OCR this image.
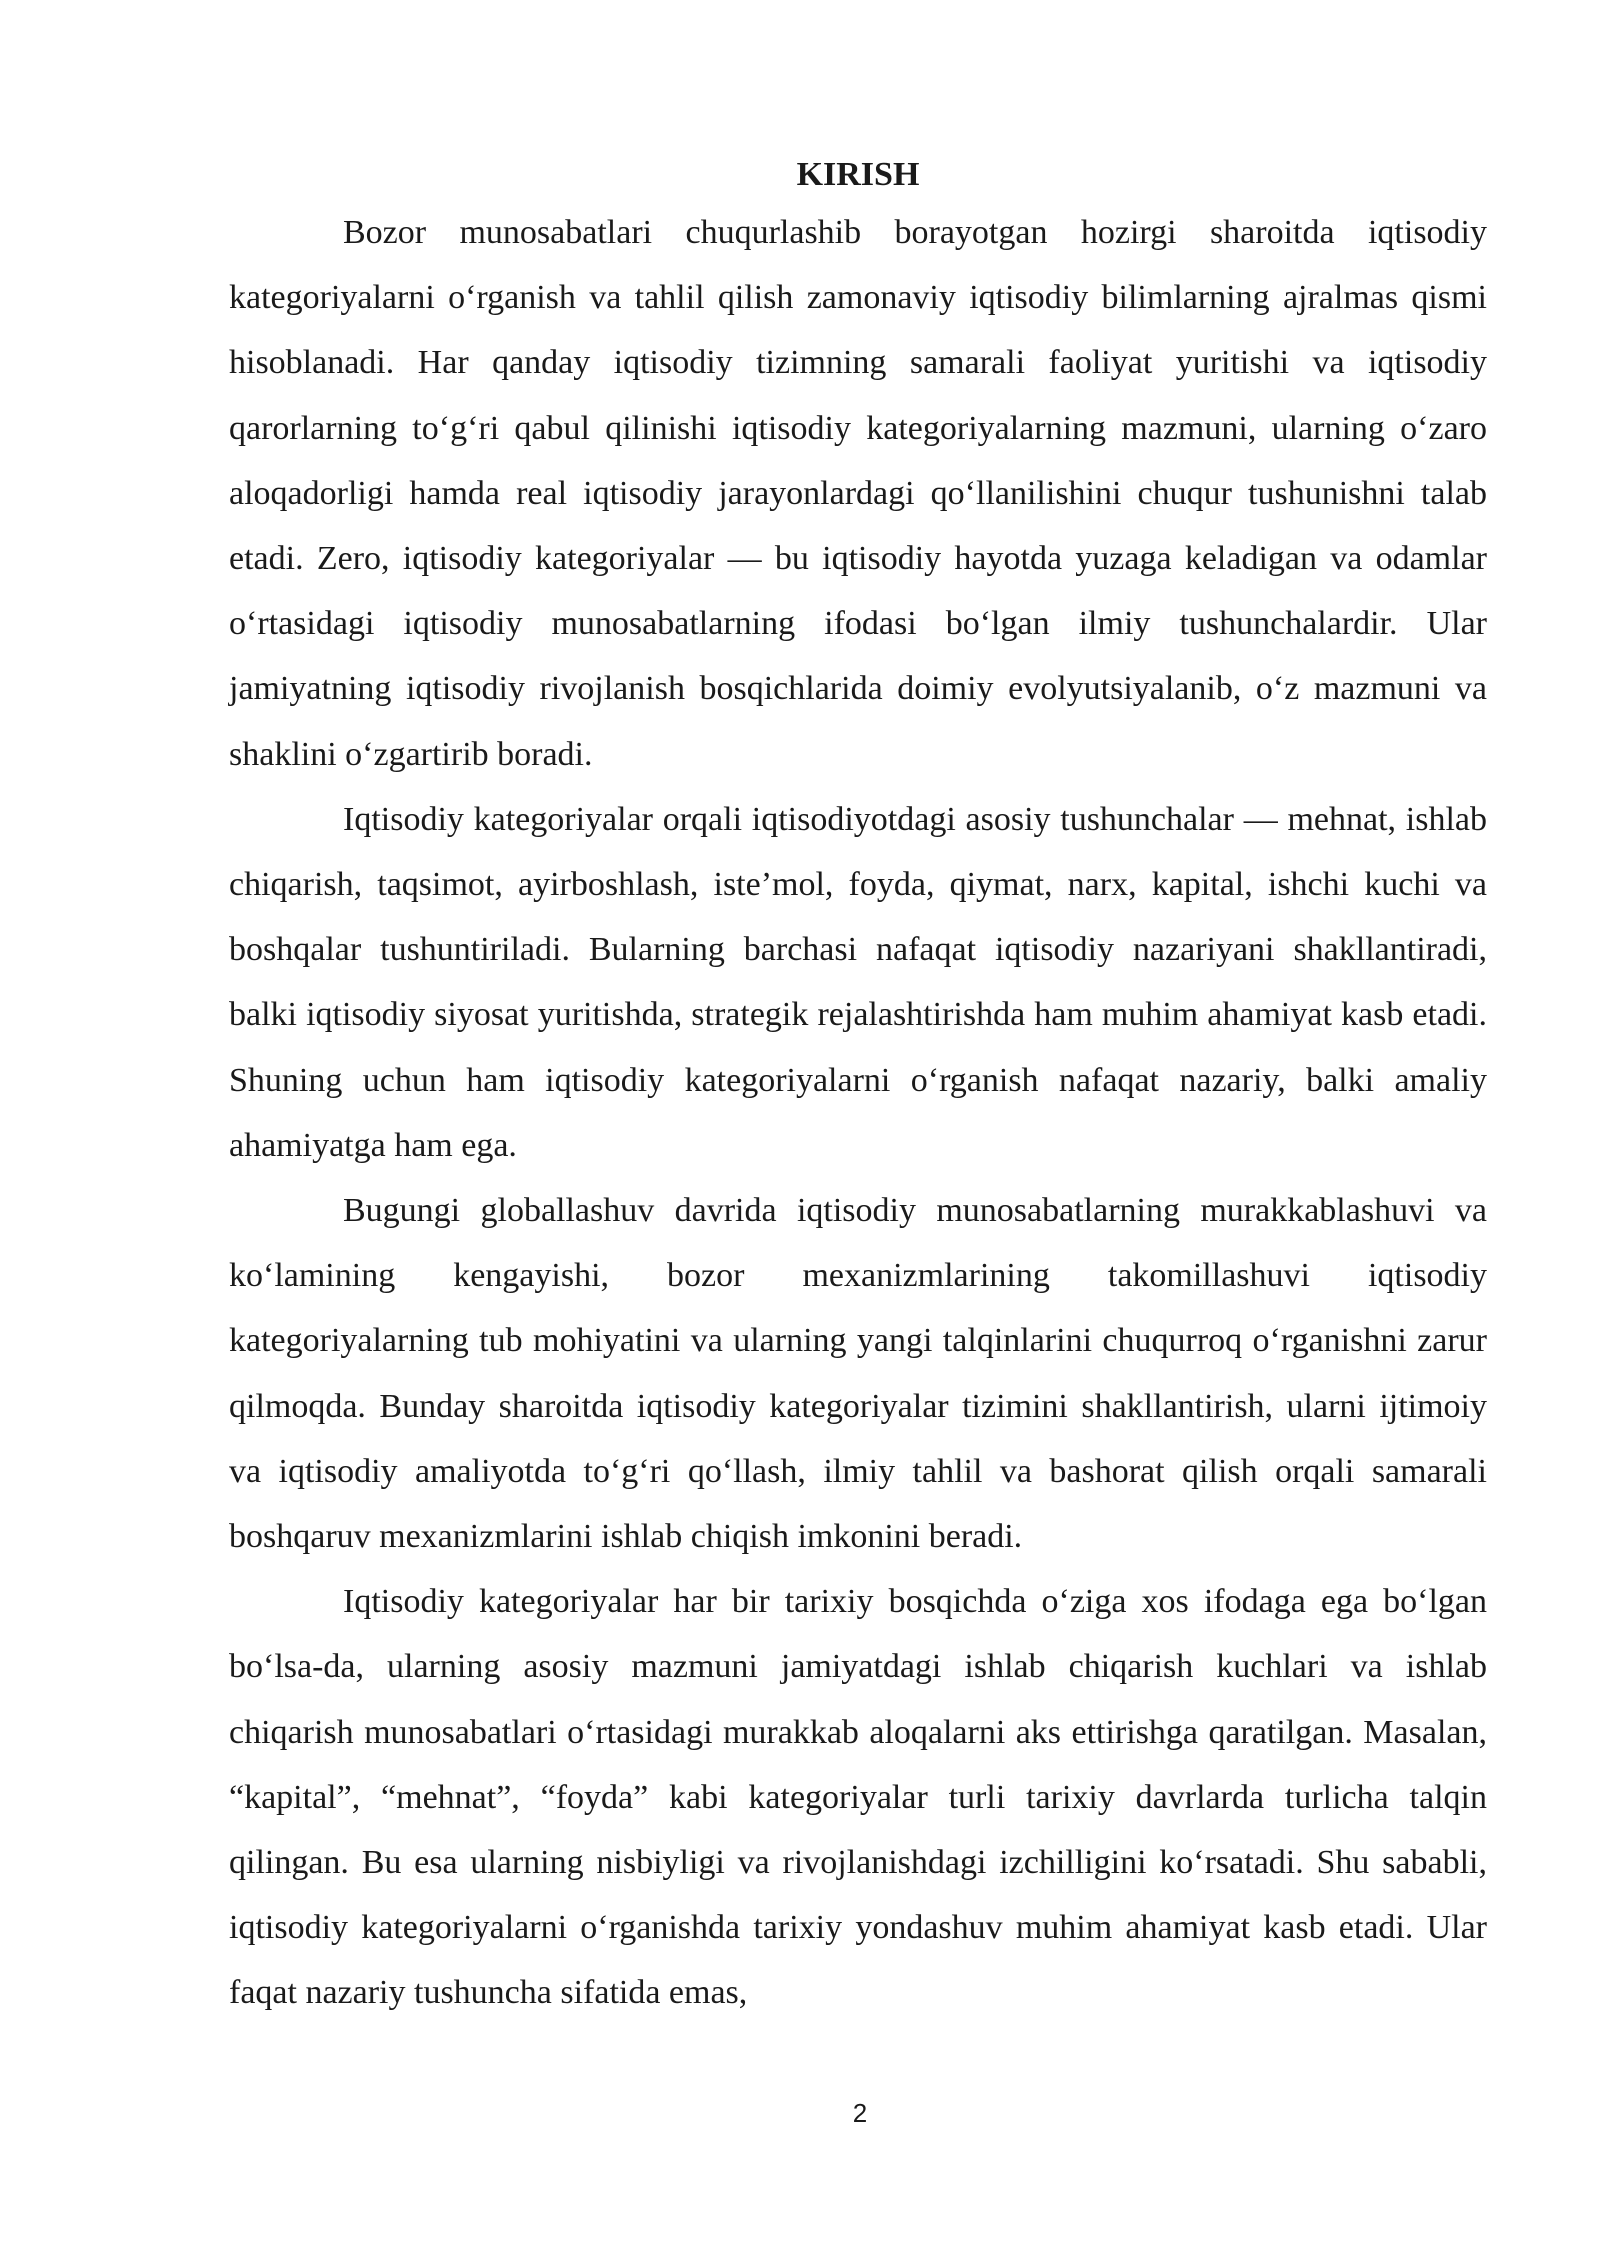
KIRISH

Bozor munosabatlari chuqurlashib borayotgan hozirgi sharoitda iqtisodiy kategoriyalarni o‘rganish va tahlil qilish zamonaviy iqtisodiy bilimlarning ajralmas qismi hisoblanadi. Har qanday iqtisodiy tizimning samarali faoliyat yuritishi va iqtisodiy qarorlarning to‘g‘ri qabul qilinishi iqtisodiy kategoriyalarning mazmuni, ularning o‘zaro aloqadorligi hamda real iqtisodiy jarayonlardagi qo‘llanilishini chuqur tushunishni talab etadi. Zero, iqtisodiy kategoriyalar — bu iqtisodiy hayotda yuzaga keladigan va odamlar o‘rtasidagi iqtisodiy munosabatlarning ifodasi bo‘lgan ilmiy tushunchalardir. Ular jamiyatning iqtisodiy rivojlanish bosqichlarida doimiy evolyutsiyalanib, o‘z mazmuni va shaklini o‘zgartirib boradi.

Iqtisodiy kategoriyalar orqali iqtisodiyotdagi asosiy tushunchalar — mehnat, ishlab chiqarish, taqsimot, ayirboshlash, iste’mol, foyda, qiymat, narx, kapital, ishchi kuchi va boshqalar tushuntiriladi. Bularning barchasi nafaqat iqtisodiy nazariyani shakllantiradi, balki iqtisodiy siyosat yuritishda, strategik rejalashtirishda ham muhim ahamiyat kasb etadi. Shuning uchun ham iqtisodiy kategoriyalarni o‘rganish nafaqat nazariy, balki amaliy ahamiyatga ham ega.

Bugungi globallashuv davrida iqtisodiy munosabatlarning murakkablashuvi va ko‘lamining kengayishi, bozor mexanizmlarining takomillashuvi iqtisodiy kategoriyalarning tub mohiyatini va ularning yangi talqinlarini chuqurroq o‘rganishni zarur qilmoqda. Bunday sharoitda iqtisodiy kategoriyalar tizimini shakllantirish, ularni ijtimoiy va iqtisodiy amaliyotda to‘g‘ri qo‘llash, ilmiy tahlil va bashorat qilish orqali samarali boshqaruv mexanizmlarini ishlab chiqish imkonini beradi.

Iqtisodiy kategoriyalar har bir tarixiy bosqichda o‘ziga xos ifodaga ega bo‘lgan bo‘lsa-da, ularning asosiy mazmuni jamiyatdagi ishlab chiqarish kuchlari va ishlab chiqarish munosabatlari o‘rtasidagi murakkab aloqalarni aks ettirishga qaratilgan. Masalan, “kapital”, “mehnat”, “foyda” kabi kategoriyalar turli tarixiy davrlarda turlicha talqin qilingan. Bu esa ularning nisbiyligi va rivojlanishdagi izchilligini ko‘rsatadi. Shu sababli, iqtisodiy kategoriyalarni o‘rganishda tarixiy yondashuv muhim ahamiyat kasb etadi. Ular faqat nazariy tushuncha sifatida emas,

2
